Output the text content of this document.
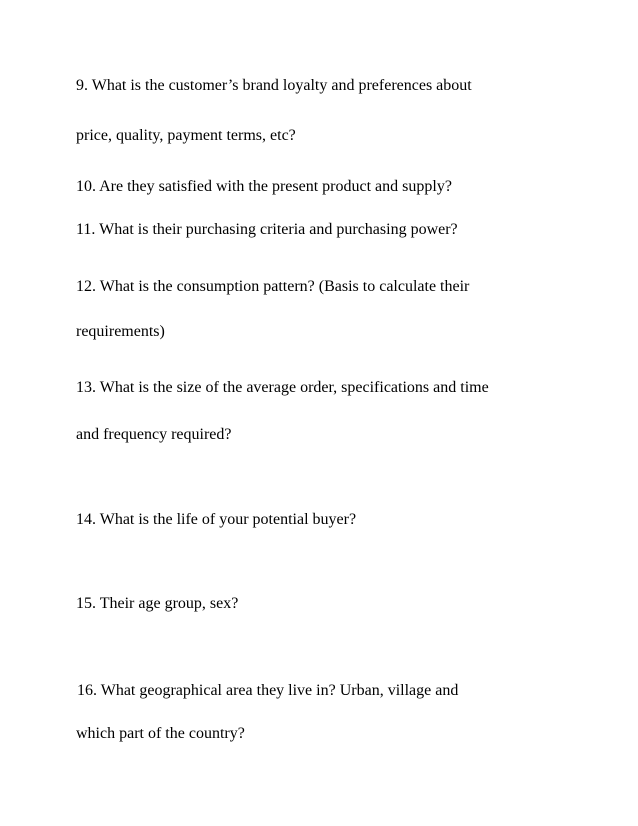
9. What is the customer’s brand loyalty and preferences about

price, quality, payment terms, etc?

10. Are they satisfied with the present product and supply?

11. What is their purchasing criteria and purchasing power?

12. What is the consumption pattern? (Basis to calculate their

requirements)

13. What is the size of the average order, specifications and time

and frequency required?

14. What is the life of your potential buyer?

15. Their age group, sex?

16. What geographical area they live in? Urban, village and

which part of the country?
